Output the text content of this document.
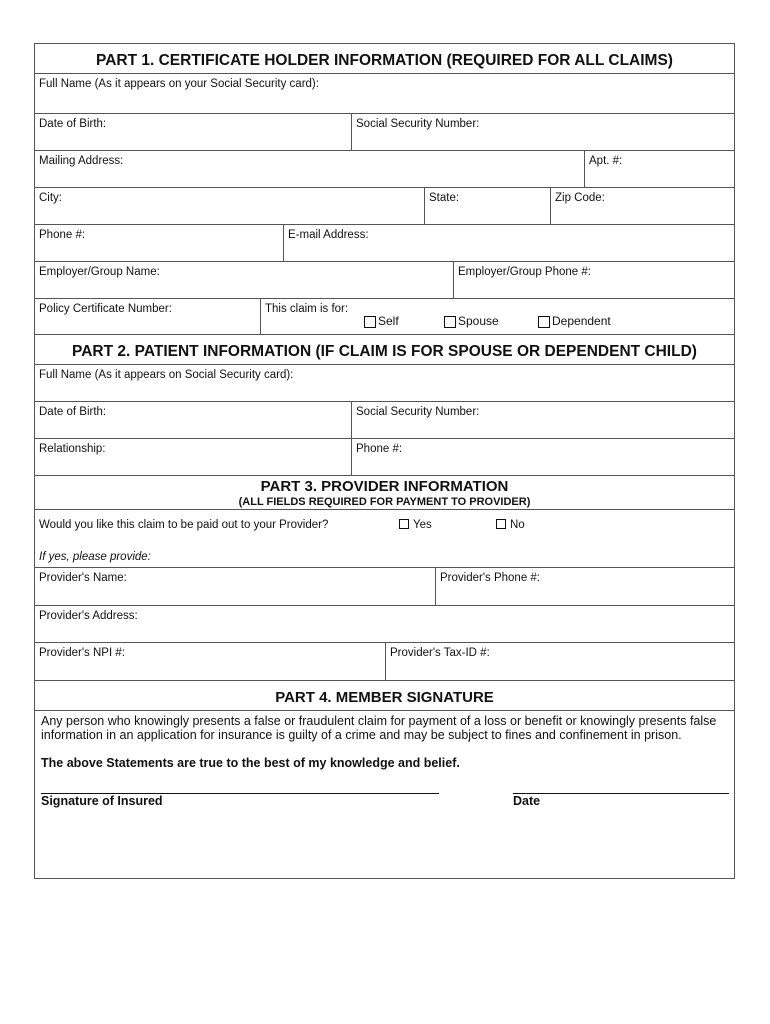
PART 1. CERTIFICATE HOLDER INFORMATION (REQUIRED FOR ALL CLAIMS)
Full Name (As it appears on your Social Security card):
Date of Birth:	Social Security Number:
Mailing Address:	Apt. #:
City:	State:	Zip Code:
Phone #:	E-mail Address:
Employer/Group Name:	Employer/Group Phone #:
Policy Certificate Number:	This claim is for:
Self	Spouse	Dependent
PART 2. PATIENT INFORMATION (IF CLAIM IS FOR SPOUSE OR DEPENDENT CHILD)
Full Name (As it appears on Social Security card):
Date of Birth:	Social Security Number:
Relationship:	Phone #:
PART 3. PROVIDER INFORMATION
(ALL FIELDS REQUIRED FOR PAYMENT TO PROVIDER)
Would you like this claim to be paid out to your Provider?	Yes	No
If yes, please provide:
Provider's Name:	Provider's Phone #:
Provider's Address:
Provider's NPI #:	Provider's Tax-ID #:
PART 4. MEMBER SIGNATURE
Any person who knowingly presents a false or fraudulent claim for payment of a loss or benefit or knowingly presents false information in an application for insurance is guilty of a crime and may be subject to fines and confinement in prison.
The above Statements are true to the best of my knowledge and belief.
Signature of Insured	Date
